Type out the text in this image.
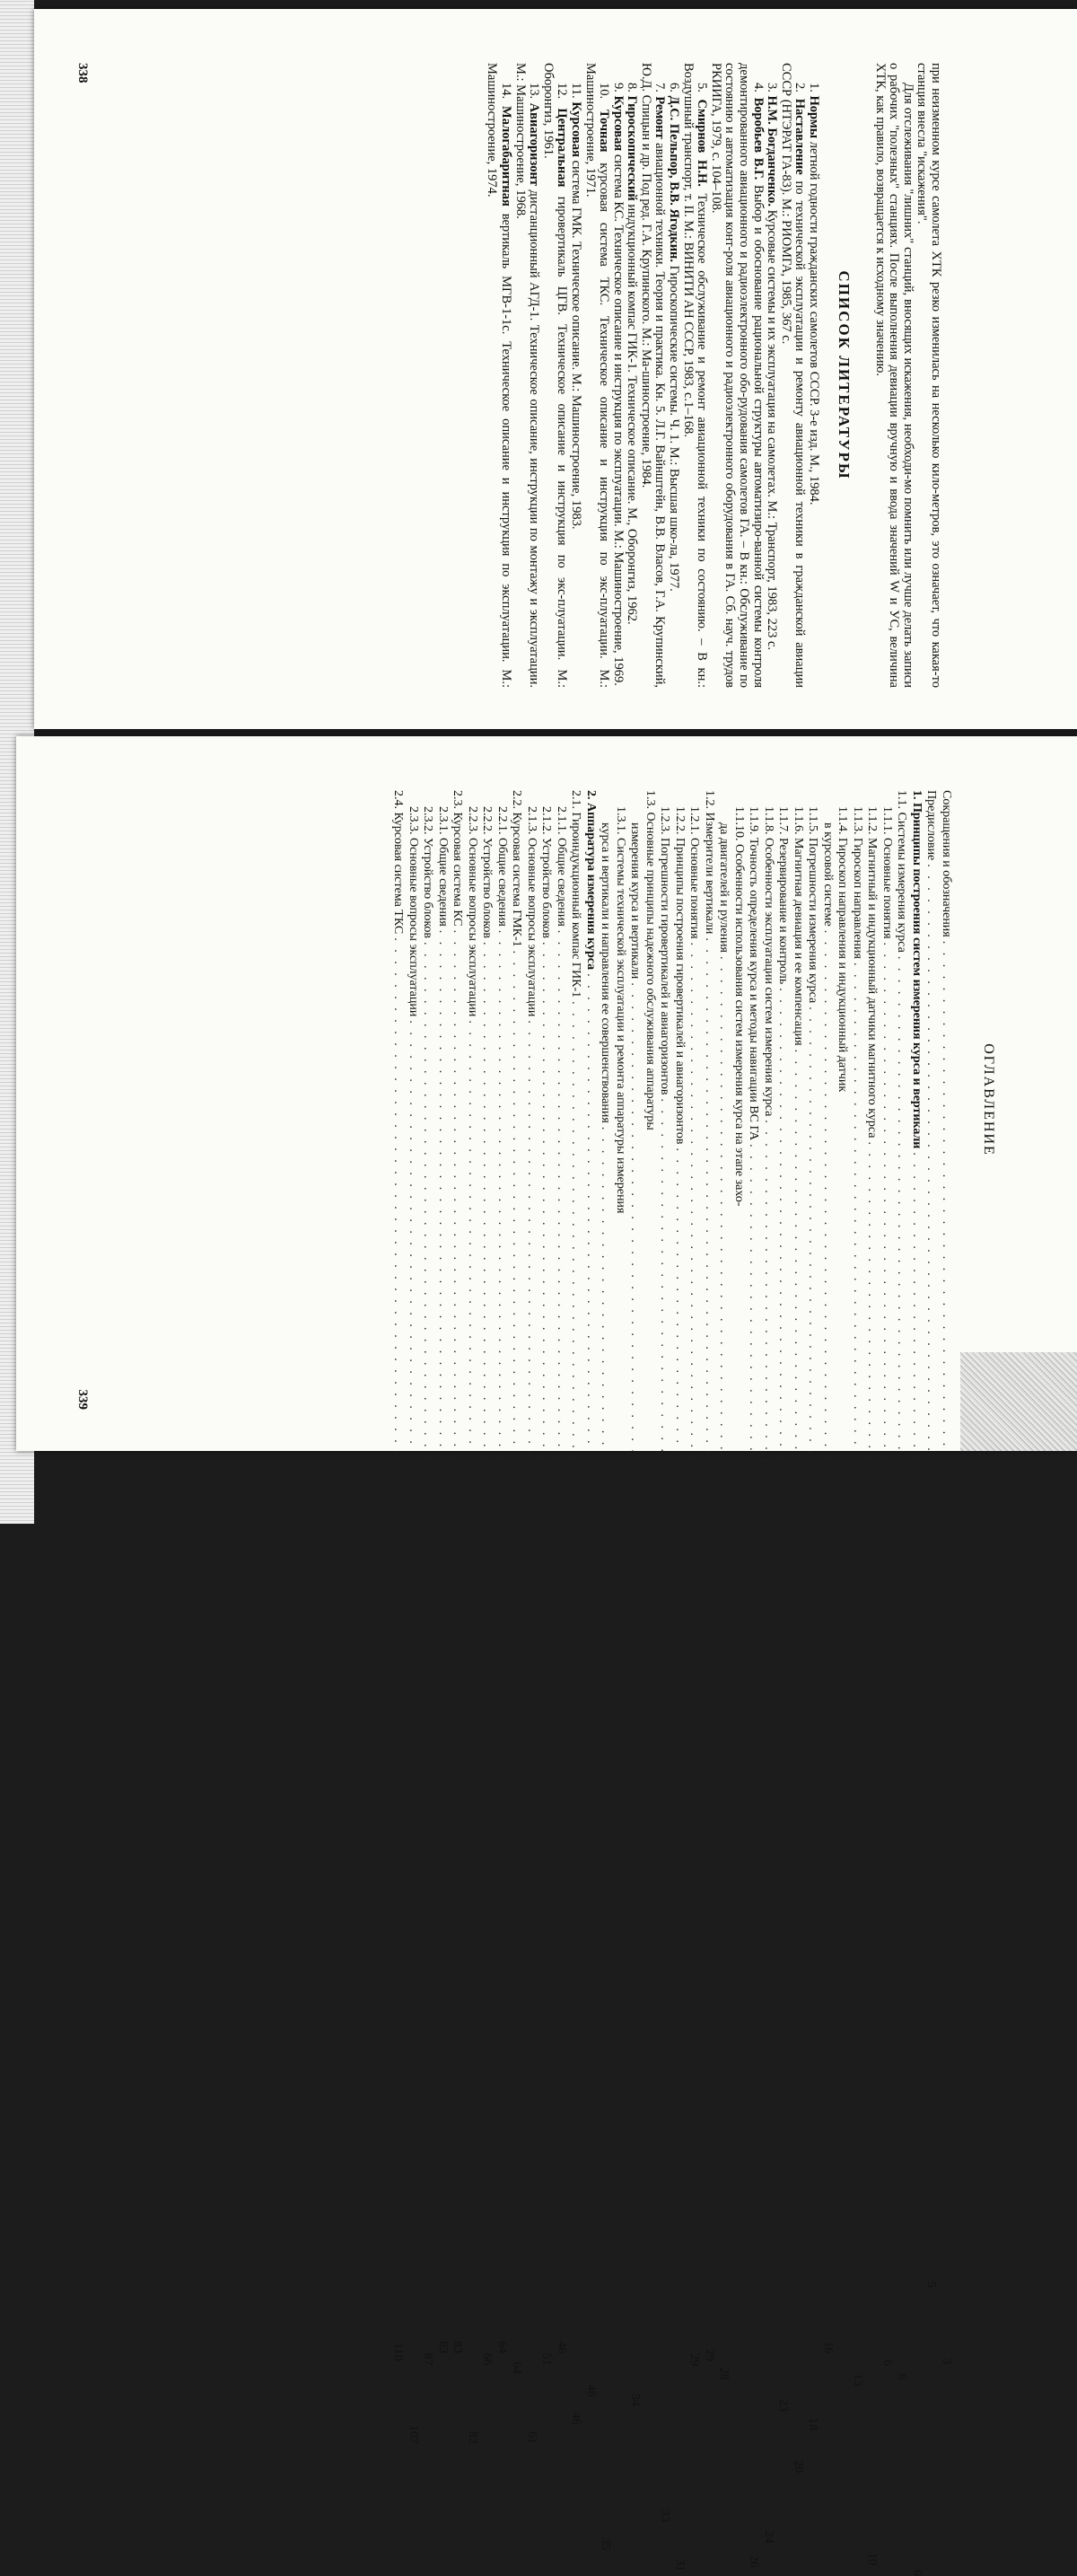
при неизменном курсе самолета ХТК резко изменилась на несколько кило-метров, это означает, что какая-то станция внесла "искажения".

Для отслеживания "лишних" станций, вносящих искажения, необходи-мо помнить или лучше делать записи о рабочих "полезных" станциях. После выполнения девиации вручную и ввода значений W и УС, величина ХТК, как правило, возвращается к исходному значению.

СПИСОК ЛИТЕРАТУРЫ

1. Нормы летной годности гражданских самолетов СССР. 3-е изд. М., 1984.

2. Наставление по технической эксплуатации и ремонту авиационной техники в гражданской авиации СССР (НТЭРАТ ГА-83). М.: РИОМГА, 1985, 367 с.

3. Н.М. Богданченко. Курсовые системы и их эксплуатация на самолетах. М.: Транспорт, 1983, 223 с.

4. Воробьев В.Г. Выбор и обоснование рациональной структуры автоматизиро-ванной системы контроля демонтированного авиационного и радиоэлектронного обо-рудования самолетов ГА. – В кн.: Обслуживание по состоянию и автоматизация конт-роля авиационного и радиоэлектронного оборудования в ГА. Сб. науч. трудов РКИИГА, 1979, с. 104–108.

5. Смирнов Н.Н. Техническое обслуживание и ремонт авиационной техники по состоянию. – В кн.: Воздушный транспорт, т. II. М.: ВИНИТИ АН СССР, 1983, с.1–168.

6. Д.С. Пельпор, В.В. Ягодкин. Гироскопические системы. Ч. 1. М.: Высшая шко-ла, 1977.

7. Ремонт авиационной техники. Теория и практика. Кн. 5. Л.Г. Вайнштейн, В.В. Власов, Г.А. Крупинский, Ю.Д. Спицын и др. Под ред. Г.А. Крупинского. М.: Ма-шиностроение, 1984.

8. Гироскопический индукционный компас ГИК-1. Техническое описание. М., Оборонгиз, 1962.

9. Курсовая система КС. Техническое описание и инструкция по эксплуатации. М.: Машиностроение, 1969.

10. Точная курсовая система ТКС. Техническое описание и инструкция по экс-плуатации. М.: Машиностроение, 1971.

11. Курсовая система ГМК. Техническое описание. М.: Машиностроение, 1983.

12. Центральная гировертикаль ЦГВ. Техническое описание и инструкция по экс-плуатации. М.: Оборонгиз, 1961.

13. Авиагоризонт дистанционный АГД-1. Техническое описание, инструкции по монтажу и эксплуатации. М.: Машиностроение, 1968.

14. Малогабаритная вертикаль МГВ-1-1с. Техническое описание и инструкция по эксплуатации. М.: Машиностроение, 1974.

338
ОГЛАВЛЕНИЕ
Сокращения и обозначения
. . . . . . . . . . . . . . . . . . . . . . . . . . . . . . . . . . . . . . . . . . . . . . . . . . . . . . . . . . . . . . . . . . . . . . . . . . . . . . . . . . . . . . . . . . . . . . . . . . . . . . . . . . . . . . . . . . . . . . . .
3
Предисловие
. . . . . . . . . . . . . . . . . . . . . . . . . . . . . . . . . . . . . . . . . . . . . . . . . . . . . . . . . . . . . . . . . . . . . . . . . . . . . . . . . . . . . . . . . . . . . . . . . . . . . . . . . . . . . . . . . . . . . . . .
5
1. Принципы построения систем измерения курса и вертикали
. . . . . . . . . . . . . . . . . . . . . . . . . . . . . . . . . . . . . . . . . . . . . . . . . . . . . . . . . . . . . . . . . . . . . . . . . . . . . . . . . . . . . . . . . . . . . . . . . . . . . . . . . . . . . . . . . . . . . . . .
6
1.1. Системы измерения курса
. . . . . . . . . . . . . . . . . . . . . . . . . . . . . . . . . . . . . . . . . . . . . . . . . . . . . . . . . . . . . . . . . . . . . . . . . . . . . . . . . . . . . . . . . . . . . . . . . . . . . . . . . . . . . . . . . . . . . . . .
6
1.1.1. Основные понятия
. . . . . . . . . . . . . . . . . . . . . . . . . . . . . . . . . . . . . . . . . . . . . . . . . . . . . . . . . . . . . . . . . . . . . . . . . . . . . . . . . . . . . . . . . . . . . . . . . . . . . . . . . . . . . . . . . . . . . . . .
6
1.1.2. Магнитный и индукционный датчики магнитного курса
. . . . . . . . . . . . . . . . . . . . . . . . . . . . . . . . . . . . . . . . . . . . . . . . . . . . . . . . . . . . . . . . . . . . . . . . . . . . . . . . . . . . . . . . . . . . . . . . . . . . . . . . . . . . . . . . . . . . . . . .
10
1.1.3. Гироскоп направления
. . . . . . . . . . . . . . . . . . . . . . . . . . . . . . . . . . . . . . . . . . . . . . . . . . . . . . . . . . . . . . . . . . . . . . . . . . . . . . . . . . . . . . . . . . . . . . . . . . . . . . . . . . . . . . . . . . . . . . . .
13
1.1.4. Гироскоп направления и индукционный датчик
в курсовой системе
. . . . . . . . . . . . . . . . . . . . . . . . . . . . . . . . . . . . . . . . . . . . . . . . . . . . . . . . . . . . . . . . . . . . . . . . . . . . . . . . . . . . . . . . . . . . . . . . . . . . . . . . . . . . . . . . . . . . . . . .
16
1.1.5. Погрешности измерения курса
. . . . . . . . . . . . . . . . . . . . . . . . . . . . . . . . . . . . . . . . . . . . . . . . . . . . . . . . . . . . . . . . . . . . . . . . . . . . . . . . . . . . . . . . . . . . . . . . . . . . . . . . . . . . . . . . . . . . . . . .
18
1.1.6. Магнитная девиация и ее компенсация
. . . . . . . . . . . . . . . . . . . . . . . . . . . . . . . . . . . . . . . . . . . . . . . . . . . . . . . . . . . . . . . . . . . . . . . . . . . . . . . . . . . . . . . . . . . . . . . . . . . . . . . . . . . . . . . . . . . . . . . .
20
1.1.7. Резервирование и контроль
. . . . . . . . . . . . . . . . . . . . . . . . . . . . . . . . . . . . . . . . . . . . . . . . . . . . . . . . . . . . . . . . . . . . . . . . . . . . . . . . . . . . . . . . . . . . . . . . . . . . . . . . . . . . . . . . . . . . . . . .
23
1.1.8. Особенности эксплуатации систем измерения курса
. . . . . . . . . . . . . . . . . . . . . . . . . . . . . . . . . . . . . . . . . . . . . . . . . . . . . . . . . . . . . . . . . . . . . . . . . . . . . . . . . . . . . . . . . . . . . . . . . . . . . . . . . . . . . . . . . . . . . . . .
24
1.1.9. Точность определения курса и методы навигации ВС ГА
. . . . . . . . . . . . . . . . . . . . . . . . . . . . . . . . . . . . . . . . . . . . . . . . . . . . . . . . . . . . . . . . . . . . . . . . . . . . . . . . . . . . . . . . . . . . . . . . . . . . . . . . . . . . . . . . . . . . . . . .
26
1.1.10. Особенности использования систем измерения курса на этапе захо-
да двигателей и руления
. . . . . . . . . . . . . . . . . . . . . . . . . . . . . . . . . . . . . . . . . . . . . . . . . . . . . . . . . . . . . . . . . . . . . . . . . . . . . . . . . . . . . . . . . . . . . . . . . . . . . . . . . . . . . . . . . . . . . . . .
28
1.2. Измерители вертикали
. . . . . . . . . . . . . . . . . . . . . . . . . . . . . . . . . . . . . . . . . . . . . . . . . . . . . . . . . . . . . . . . . . . . . . . . . . . . . . . . . . . . . . . . . . . . . . . . . . . . . . . . . . . . . . . . . . . . . . . .
29
1.2.1. Основные понятия
. . . . . . . . . . . . . . . . . . . . . . . . . . . . . . . . . . . . . . . . . . . . . . . . . . . . . . . . . . . . . . . . . . . . . . . . . . . . . . . . . . . . . . . . . . . . . . . . . . . . . . . . . . . . . . . . . . . . . . . .
29
1.2.2. Принципы построения гировертикалей и авиагоризонтов
. . . . . . . . . . . . . . . . . . . . . . . . . . . . . . . . . . . . . . . . . . . . . . . . . . . . . . . . . . . . . . . . . . . . . . . . . . . . . . . . . . . . . . . . . . . . . . . . . . . . . . . . . . . . . . . . . . . . . . . .
31
1.2.3. Погрешности гировертикалей и авиагоризонтов
. . . . . . . . . . . . . . . . . . . . . . . . . . . . . . . . . . . . . . . . . . . . . . . . . . . . . . . . . . . . . . . . . . . . . . . . . . . . . . . . . . . . . . . . . . . . . . . . . . . . . . . . . . . . . . . . . . . . . . . .
33
1.3. Основные принципы надежного обслуживания аппаратуры
измерения курса и вертикали
. . . . . . . . . . . . . . . . . . . . . . . . . . . . . . . . . . . . . . . . . . . . . . . . . . . . . . . . . . . . . . . . . . . . . . . . . . . . . . . . . . . . . . . . . . . . . . . . . . . . . . . . . . . . . . . . . . . . . . . .
34
1.3.1. Системы технической эксплуатации и ремонта аппаратуры измерения
курса и вертикали и направления ее совершенствования
. . . . . . . . . . . . . . . . . . . . . . . . . . . . . . . . . . . . . . . . . . . . . . . . . . . . . . . . . . . . . . . . . . . . . . . . . . . . . . . . . . . . . . . . . . . . . . . . . . . . . . . . . . . . . . . . . . . . . . . .
35
2. Аппаратура измерения курса
. . . . . . . . . . . . . . . . . . . . . . . . . . . . . . . . . . . . . . . . . . . . . . . . . . . . . . . . . . . . . . . . . . . . . . . . . . . . . . . . . . . . . . . . . . . . . . . . . . . . . . . . . . . . . . . . . . . . . . . .
46
2.1. Гироиндукционный компас ГИК-1
. . . . . . . . . . . . . . . . . . . . . . . . . . . . . . . . . . . . . . . . . . . . . . . . . . . . . . . . . . . . . . . . . . . . . . . . . . . . . . . . . . . . . . . . . . . . . . . . . . . . . . . . . . . . . . . . . . . . . . . .
46
2.1.1. Общие сведения
. . . . . . . . . . . . . . . . . . . . . . . . . . . . . . . . . . . . . . . . . . . . . . . . . . . . . . . . . . . . . . . . . . . . . . . . . . . . . . . . . . . . . . . . . . . . . . . . . . . . . . . . . . . . . . . . . . . . . . . .
46
2.1.2. Устройство блоков
. . . . . . . . . . . . . . . . . . . . . . . . . . . . . . . . . . . . . . . . . . . . . . . . . . . . . . . . . . . . . . . . . . . . . . . . . . . . . . . . . . . . . . . . . . . . . . . . . . . . . . . . . . . . . . . . . . . . . . . .
51
2.1.3. Основные вопросы эксплуатации
. . . . . . . . . . . . . . . . . . . . . . . . . . . . . . . . . . . . . . . . . . . . . . . . . . . . . . . . . . . . . . . . . . . . . . . . . . . . . . . . . . . . . . . . . . . . . . . . . . . . . . . . . . . . . . . . . . . . . . . .
61
2.2. Курсовая система ГМК-1
. . . . . . . . . . . . . . . . . . . . . . . . . . . . . . . . . . . . . . . . . . . . . . . . . . . . . . . . . . . . . . . . . . . . . . . . . . . . . . . . . . . . . . . . . . . . . . . . . . . . . . . . . . . . . . . . . . . . . . . .
64
2.2.1. Общие сведения
. . . . . . . . . . . . . . . . . . . . . . . . . . . . . . . . . . . . . . . . . . . . . . . . . . . . . . . . . . . . . . . . . . . . . . . . . . . . . . . . . . . . . . . . . . . . . . . . . . . . . . . . . . . . . . . . . . . . . . . .
64
2.2.2. Устройство блоков
. . . . . . . . . . . . . . . . . . . . . . . . . . . . . . . . . . . . . . . . . . . . . . . . . . . . . . . . . . . . . . . . . . . . . . . . . . . . . . . . . . . . . . . . . . . . . . . . . . . . . . . . . . . . . . . . . . . . . . . .
66
2.2.3. Основные вопросы эксплуатации
. . . . . . . . . . . . . . . . . . . . . . . . . . . . . . . . . . . . . . . . . . . . . . . . . . . . . . . . . . . . . . . . . . . . . . . . . . . . . . . . . . . . . . . . . . . . . . . . . . . . . . . . . . . . . . . . . . . . . . . .
82
2.3. Курсовая система КС
. . . . . . . . . . . . . . . . . . . . . . . . . . . . . . . . . . . . . . . . . . . . . . . . . . . . . . . . . . . . . . . . . . . . . . . . . . . . . . . . . . . . . . . . . . . . . . . . . . . . . . . . . . . . . . . . . . . . . . . .
83
2.3.1. Общие сведения
. . . . . . . . . . . . . . . . . . . . . . . . . . . . . . . . . . . . . . . . . . . . . . . . . . . . . . . . . . . . . . . . . . . . . . . . . . . . . . . . . . . . . . . . . . . . . . . . . . . . . . . . . . . . . . . . . . . . . . . .
83
2.3.2. Устройство блоков
. . . . . . . . . . . . . . . . . . . . . . . . . . . . . . . . . . . . . . . . . . . . . . . . . . . . . . . . . . . . . . . . . . . . . . . . . . . . . . . . . . . . . . . . . . . . . . . . . . . . . . . . . . . . . . . . . . . . . . . .
87
2.3.3. Основные вопросы эксплуатации
. . . . . . . . . . . . . . . . . . . . . . . . . . . . . . . . . . . . . . . . . . . . . . . . . . . . . . . . . . . . . . . . . . . . . . . . . . . . . . . . . . . . . . . . . . . . . . . . . . . . . . . . . . . . . . . . . . . . . . . .
107
2.4. Курсовая система ТКС
. . . . . . . . . . . . . . . . . . . . . . . . . . . . . . . . . . . . . . . . . . . . . . . . . . . . . . . . . . . . . . . . . . . . . . . . . . . . . . . . . . . . . . . . . . . . . . . . . . . . . . . . . . . . . . . . . . . . . . . .
110
339
